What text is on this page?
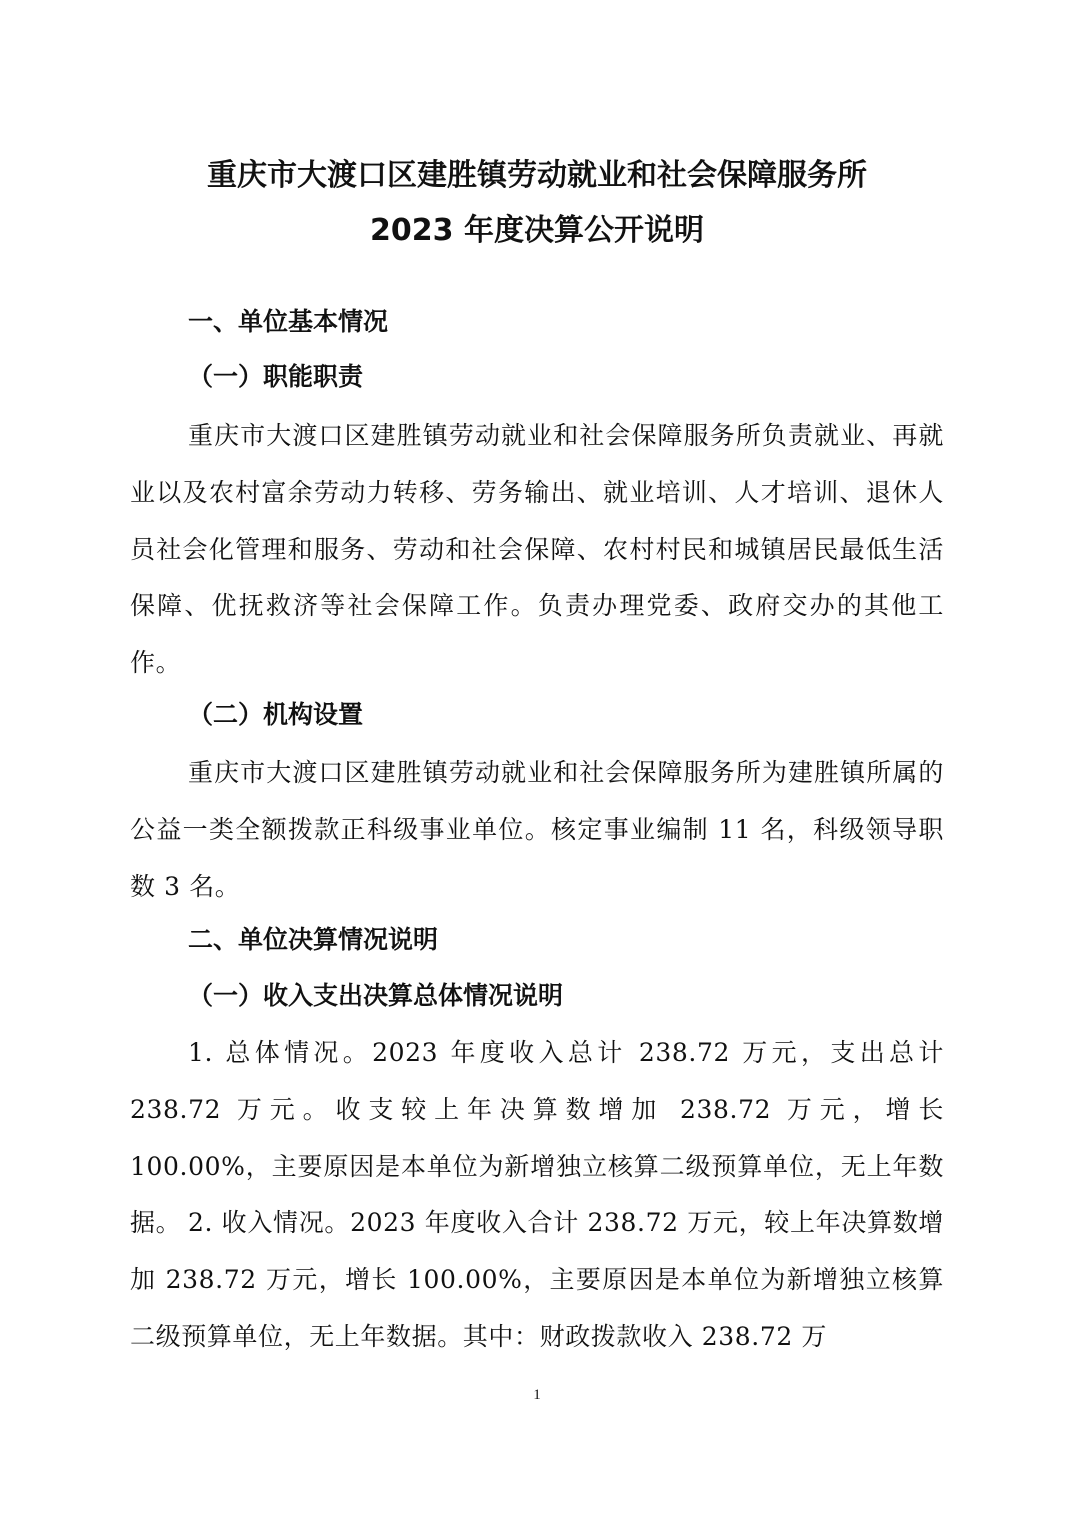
重庆市大渡口区建胜镇劳动就业和社会保障服务所
2023 年度决算公开说明
一、单位基本情况
（一）职能职责
重庆市大渡口区建胜镇劳动就业和社会保障服务所负责就业、再就业以及农村富余劳动力转移、劳务输出、就业培训、人才培训、退休人员社会化管理和服务、劳动和社会保障、农村村民和城镇居民最低生活保障、优抚救济等社会保障工作。负责办理党委、政府交办的其他工作。
（二）机构设置
重庆市大渡口区建胜镇劳动就业和社会保障服务所为建胜镇所属的公益一类全额拨款正科级事业单位。核定事业编制 11 名，科级领导职数 3 名。
二、单位决算情况说明
（一）收入支出决算总体情况说明
1. 总体情况。2023 年度收入总计 238.72 万元，支出总计 238.72 万元。收支较上年决算数增加 238.72 万元，增长 100.00%，主要原因是本单位为新增独立核算二级预算单位，无上年数据。 2. 收入情况。2023 年度收入合计 238.72 万元，较上年决算数增加 238.72 万元，增长 100.00%，主要原因是本单位为新增独立核算二级预算单位，无上年数据。其中：财政拨款收入 238.72 万
1
